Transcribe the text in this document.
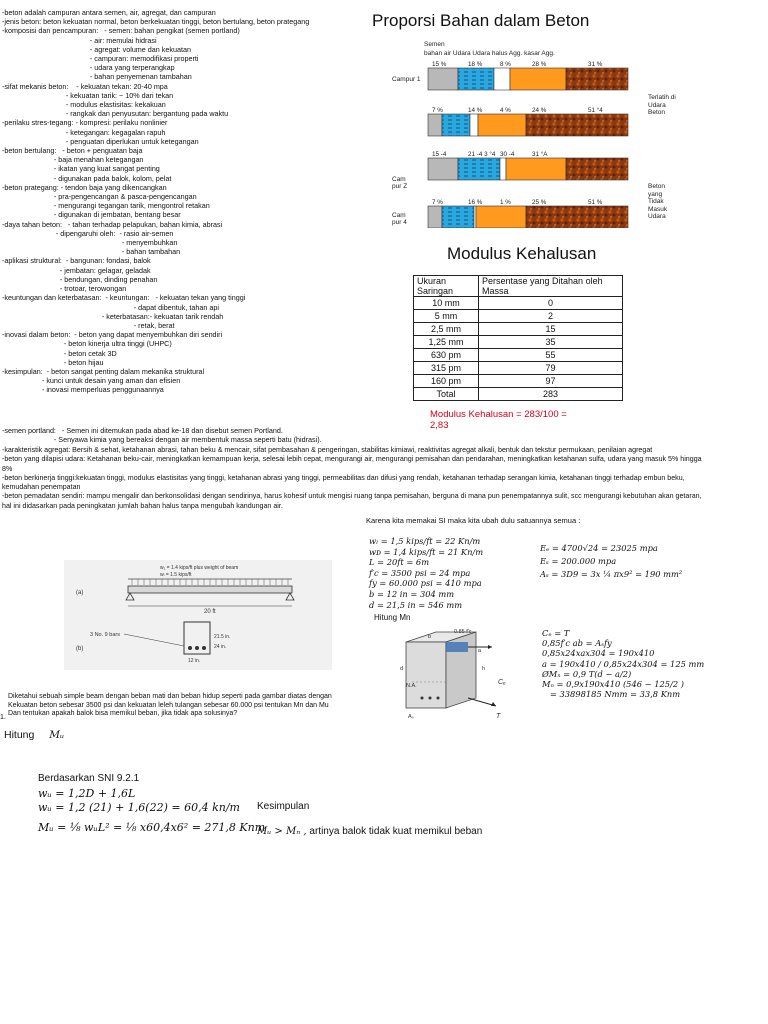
-beton adalah campuran antara semen, air, agregat, dan campuran
-jenis beton: beton kekuatan normal, beton berkekuatan tinggi, beton bertulang, beton prategang
-komposisi dan pencampuran:   - semen: bahan pengikat (semen portland)
- air: memulai hidrasi
- agregat: volume dan kekuatan
- campuran: memodifikasi properti
- udara yang terperangkap
- bahan penyemenan tambahan
-sifat mekanis beton:    - kekuatan tekan: 20-40 mpa
- kekuatan tarik: ~ 10% dari tekan
- modulus elastisitas: kekakuan
- rangkak dan penyusutan: bergantung pada waktu
-perilaku stres-tegang: - kompresi: perilaku nonlinier
- ketegangan: kegagalan rapuh
- penguatan diperlukan untuk ketegangan
-beton bertulang:   - beton + penguatan baja
- baja menahan ketegangan
- ikatan yang kuat sangat penting
- digunakan pada balok, kolom, pelat
-beton prategang: - tendon baja yang dikencangkan
- pra-pengencangan & pasca-pengencangan
- mengurangi tegangan tarik, mengontrol retakan
- digunakan di jembatan, bentang besar
-daya tahan beton:   - tahan terhadap pelapukan, bahan kimia, abrasi
- dipengaruhi oleh:  - rasio air-semen
- menyembuhkan
- bahan tambahan
-aplikasi struktural:  - bangunan: fondasi, balok
- jembatan: gelagar, geladak
- bendungan, dinding penahan
- trotoar, terowongan
-keuntungan dan keterbatasan:  - keuntungan:   - kekuatan tekan yang tinggi
- dapat dibentuk, tahan api
- keterbatasan:- kekuatan tarik rendah
- retak, berat
-inovasi dalam beton:  - beton yang dapat menyembuhkan diri sendiri
- beton kinerja ultra tinggi (UHPC)
- beton cetak 3D
- beton hijau
-kesimpulan:  - beton sangat penting dalam mekanika struktural
- kunci untuk desain yang aman dan efisien
- inovasi memperluas penggunaannya
-semen portland:   - Semen ini ditemukan pada abad ke-18 dan disebut semen Portland.
- Senyawa kimia yang bereaksi dengan air membentuk massa seperti batu (hidrasi).
-karakteristik agregat: Bersih & sehat, ketahanan abrasi, tahan beku & mencair, sifat pembasahan & pengeringan, stabilitas kimiawi, reaktivitas agregat alkali, bentuk dan tekstur permukaan, penilaian agregat
-beton yang dilapisi udara: Ketahanan beku-cair, meningkatkan kemampuan kerja, selesai lebih cepat, mengurangi air, mengurangi pemisahan dan pendarahan, meningkatkan ketahanan sulfa, udara yang masuk 5% hingga
8%
-beton berkinerja tinggi:kekuatan tinggi, modulus elastisitas yang tinggi, ketahanan abrasi yang tinggi, permeabilitas dan difusi yang rendah, ketahanan terhadap serangan kimia, ketahanan tinggi terhadap embun beku,
kemudahan penempatan
-beton pemadatan sendiri: mampu mengalir dan berkonsolidasi dengan sendirinya, harus kohesif untuk mengisi ruang tanpa pemisahan, berguna di mana pun penempatannya sulit, scc mengurangi kebutuhan akan getaran,
hal ini didasarkan pada peningkatan jumlah bahan halus tanpa mengubah kandungan air.
Proporsi Bahan dalam Beton
Semen
bahan air Udara Udara halus Agg. kasar Agg.
15 %	18 %	8 %	28 %	31 %
7 %	14 %	4 %	24 %	51 °4
15 -4	21 -4 3 °4 30 -4	31 °A
7 %	16 %	1 %	25 %	51 %
Campur 1
Cam
pur Z
Cam
pur 4
Terlatih di
Udara
Beton
Beton
yang
Tidak
Masuk
Udara
Modulus Kehalusan
Ukuran
Saringan	Persentase yang Ditahan oleh
Massa
10 mm	0
5 mm	2
2,5 mm	15
1,25 mm	35
630 pm	55
315 pm	79
160 pm	97
Total	283
Modulus Kehalusan = 283/100 =
2,83
Karena kita memakai SI maka kita ubah dulu satuannya semua :
(a)
(b)
w₁ = 1.4 kips/ft plus weight of beam
wₗ = 1.5 kips/ft
20 ft
21.5 in.
24 in.
12 in.
3 No. 9 bars
1.
Diketahui sebuah simple beam dengan beban mati dan beban hidup seperti pada gambar diatas dengan
Kekuatan beton sebesar 3500 psi dan kekuatan leleh tulangan sebesar 60.000 psi tentukan Mn dan Mu
Dan tentukan apakah balok bisa memikul beban, jika tidak apa solusinya?
wₗ = 1,5 kips/ft = 22 Kn/m
wᴅ = 1,4 kips/ft = 21 Kn/m
L = 20ft = 6m
f′c = 3500 psi = 24 mpa
fy = 60.000 psi = 410 mpa
b = 12 in = 304 mm
d = 21,5 in = 546 mm
Eₑ = 4700√24 = 23025 mpa
Eₛ = 200.000 mpa
Aₛ = 3D9 = 3x ¼ πx9² = 190 mm²
Hitung Mn
0.85 f′c
b
a
h
d
N.A.
Aₛ
Cₑ
T
Cₑ = T
0,85f′c ab = Aₛfy
0,85x24xax304 = 190x410
a = 190x410 / 0,85x24x304 = 125 mm
ØMₙ = 0,9 T(d − a/2)
Mₙ = 0,9x190x410 (546 − 125/2 )
= 33898185 Nmm = 33,8 Knm
Hitung Mᵤ
Berdasarkan SNI 9.2.1
wᵤ = 1,2D + 1,6L
wᵤ = 1,2 (21) + 1,6(22) = 60,4 kn/m
Mᵤ = ⅛ wᵤL² = ⅛ x60,4x6² = 271,8 Knm
Kesimpulan
Mᵤ > Mₙ , artinya balok tidak kuat memikul beban
